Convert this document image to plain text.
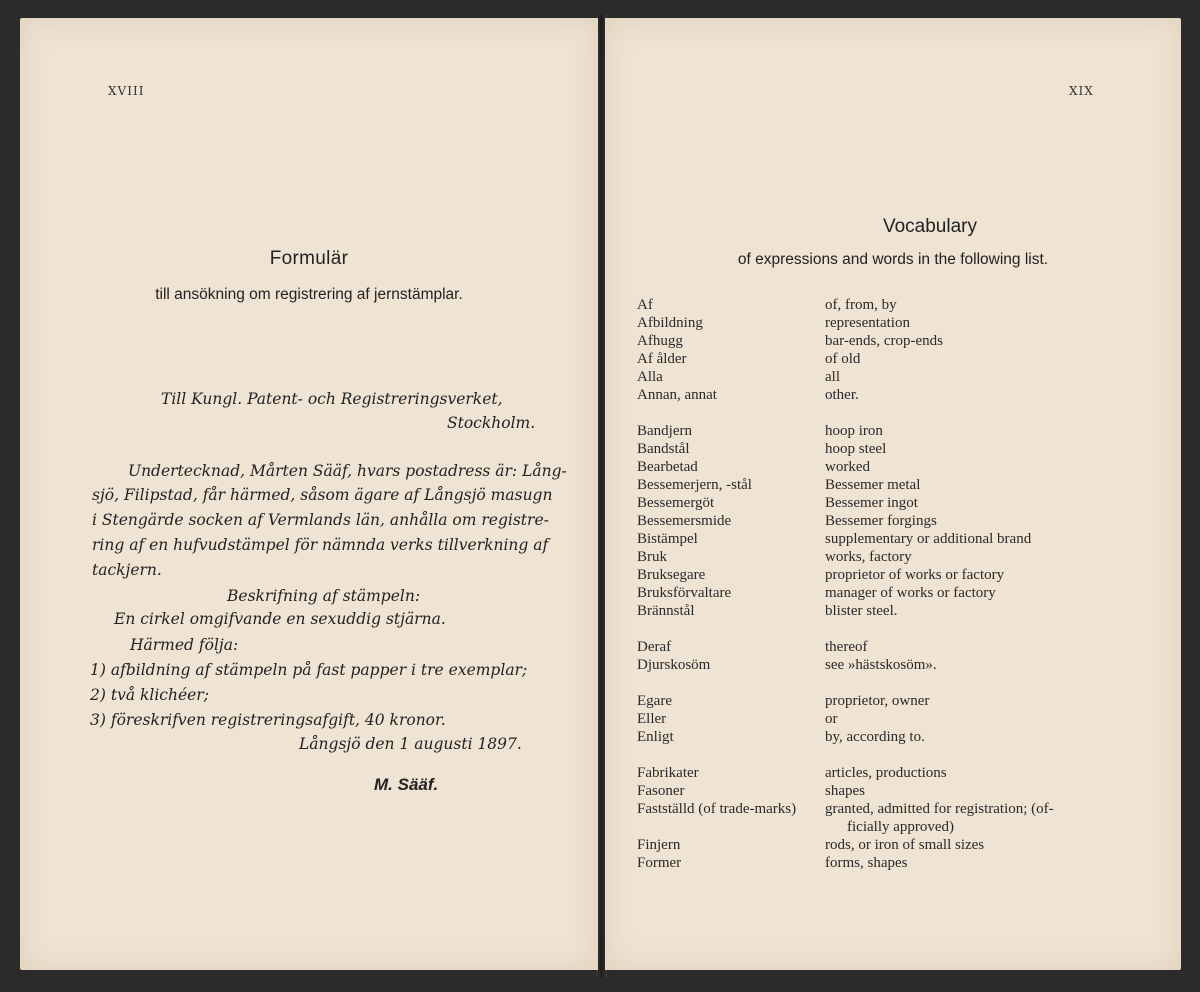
XVIII
Formulär
till ansökning om registrering af jernstämplar.
Till Kungl. Patent- och Registreringsverket,
Stockholm.
Undertecknad, Mårten Sääf, hvars postadress är: Lång-
sjö, Filipstad, får härmed, såsom ägare af Långsjö masugn
i Stengärde socken af Vermlands län, anhålla om registre-
ring af en hufvudstämpel för nämnda verks tillverkning af
tackjern.
Beskrifning af stämpeln:
En cirkel omgifvande en sexuddig stjärna.
Härmed följa:
1) afbildning af stämpeln på fast papper i tre exemplar;
2) två klichéer;
3) föreskrifven registreringsafgift, 40 kronor.
Långsjö den 1 augusti 1897.
M. Sääf.
XIX
Vocabulary
of expressions and words in the following list.
Af	of, from, by
Afbildning	representation
Afhugg	bar-ends, crop-ends
Af ålder	of old
Alla	all
Annan, annat	other.
Bandjern	hoop iron
Bandstål	hoop steel
Bearbetad	worked
Bessemerjern, -stål	Bessemer metal
Bessemergöt	Bessemer ingot
Bessemersmide	Bessemer forgings
Bistämpel	supplementary or additional brand
Bruk	works, factory
Bruksegare	proprietor of works or factory
Bruksförvaltare	manager of works or factory
Brännstål	blister steel.
Deraf	thereof
Djurskosöm	see »hästskosöm».
Egare	proprietor, owner
Eller	or
Enligt	by, according to.
Fabrikater	articles, productions
Fasoner	shapes
Fastställd (of trade-marks) granted, admitted for registration; (of-
ficially approved)
Finjern	rods, or iron of small sizes
Former	forms, shapes
